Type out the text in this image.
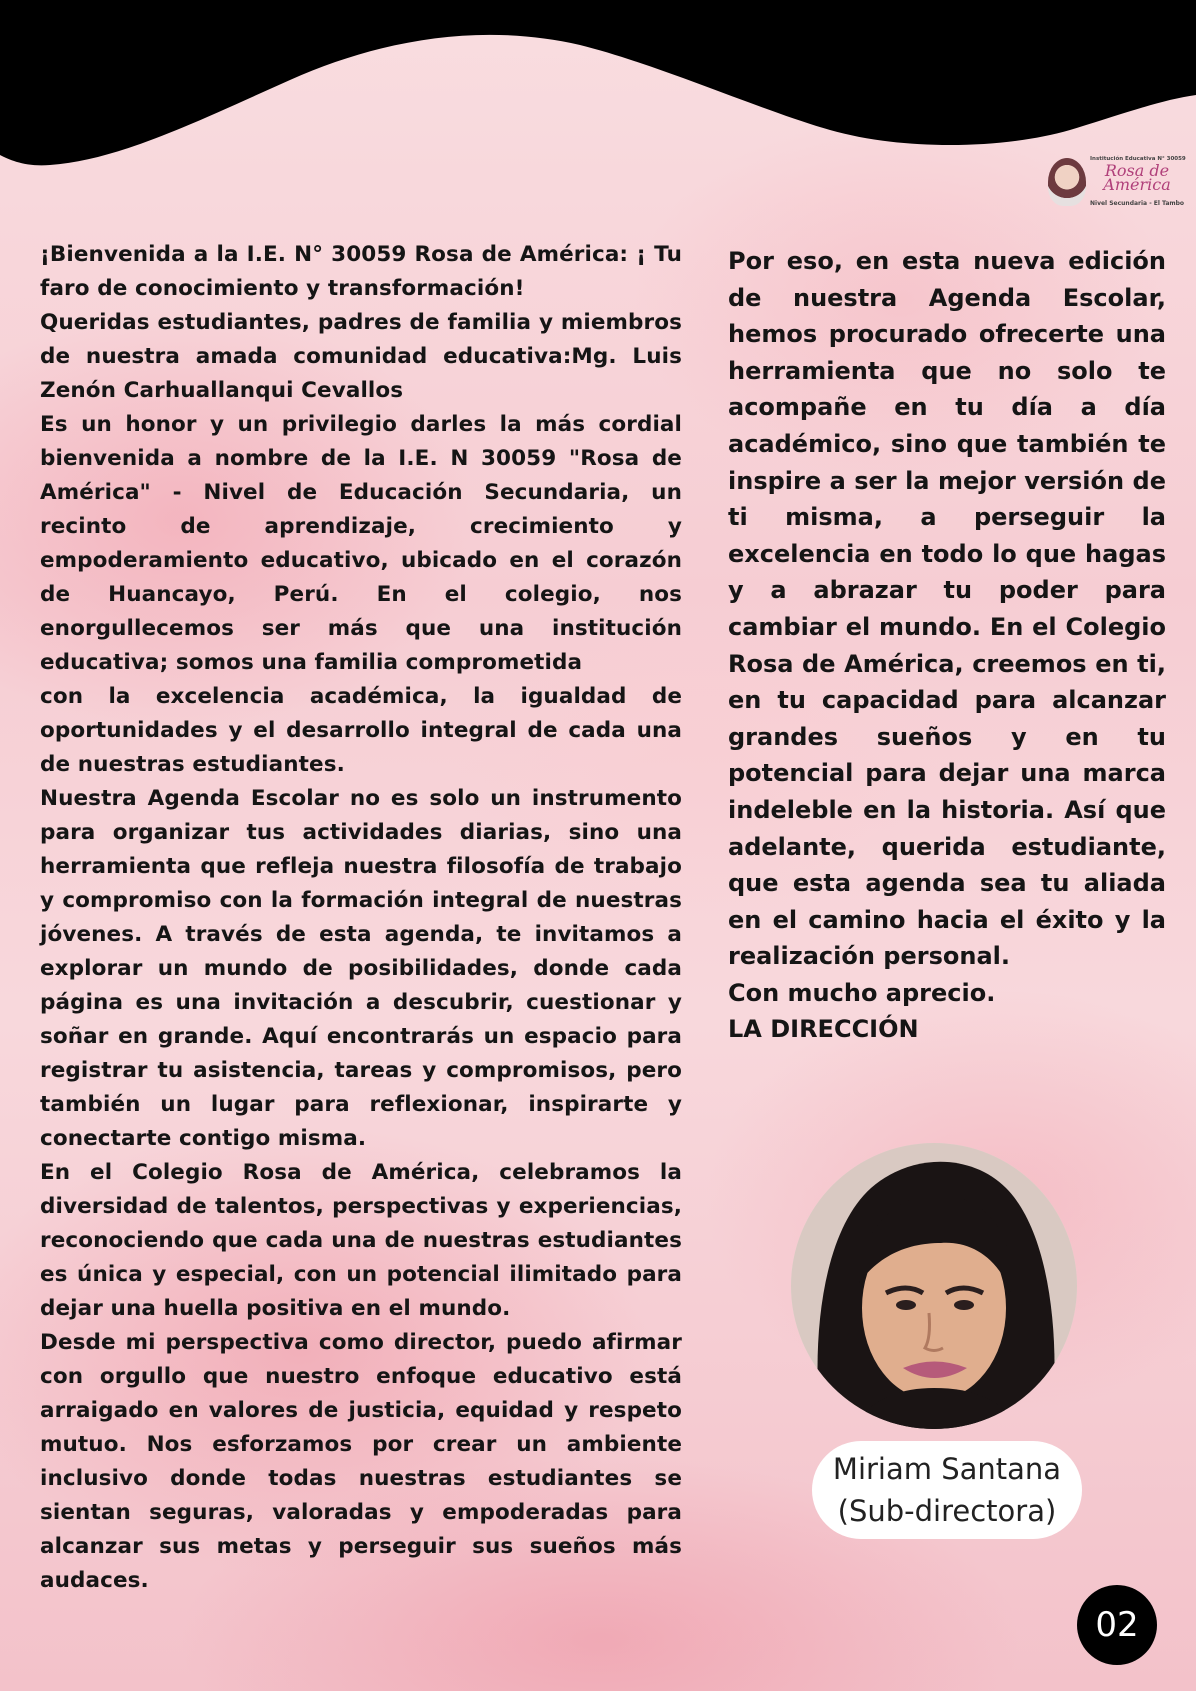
Institución Educativa N° 30059
Rosa de
América
Nivel Secundaria - El Tambo

¡Bienvenida a la I.E. N° 30059 Rosa de América: ¡ Tu faro de conocimiento y transformación!

Queridas estudiantes, padres de familia y miembros de nuestra amada comunidad educativa:Mg. Luis Zenón Carhuallanqui Cevallos

Es un honor y un privilegio darles la más cordial bienvenida a nombre de la I.E. N 30059 "Rosa de América" - Nivel de Educación Secundaria, un recinto de aprendizaje, crecimiento y empoderamiento educativo, ubicado en el corazón de Huancayo, Perú. En el colegio, nos enorgullecemos ser más que una institución educativa; somos una familia comprometida

con la excelencia académica, la igualdad de oportunidades y el desarrollo integral de cada una de nuestras estudiantes.

Nuestra Agenda Escolar no es solo un instrumento para organizar tus actividades diarias, sino una herramienta que refleja nuestra filosofía de trabajo y compromiso con la formación integral de nuestras jóvenes. A través de esta agenda, te invitamos a explorar un mundo de posibilidades, donde cada página es una invitación a descubrir, cuestionar y soñar en grande. Aquí encontrarás un espacio para registrar tu asistencia, tareas y compromisos, pero también un lugar para reflexionar, inspirarte y conectarte contigo misma.

En el Colegio Rosa de América, celebramos la diversidad de talentos, perspectivas y experiencias, reconociendo que cada una de nuestras estudiantes es única y especial, con un potencial ilimitado para dejar una huella positiva en el mundo.

Desde mi perspectiva como director, puedo afirmar con orgullo que nuestro enfoque educativo está arraigado en valores de justicia, equidad y respeto mutuo. Nos esforzamos por crear un ambiente inclusivo donde todas nuestras estudiantes se sientan seguras, valoradas y empoderadas para alcanzar sus metas y perseguir sus sueños más audaces.

Por eso, en esta nueva edición de nuestra Agenda Escolar, hemos procurado ofrecerte una herramienta que no solo te acompañe en tu día a día académico, sino que también te inspire a ser la mejor versión de ti misma, a perseguir la excelencia en todo lo que hagas y a abrazar tu poder para cambiar el mundo. En el Colegio Rosa de América, creemos en ti, en tu capacidad para alcanzar grandes sueños y en tu potencial para dejar una marca indeleble en la historia. Así que adelante, querida estudiante, que esta agenda sea tu aliada en el camino hacia el éxito y la realización personal.

Con mucho aprecio.

LA DIRECCIÓN

Miriam Santana
(Sub-directora)
02
